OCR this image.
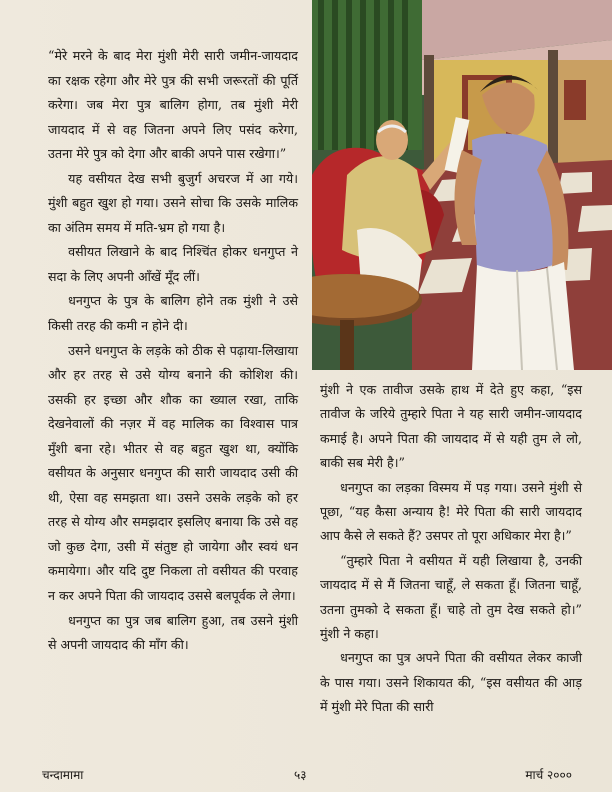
“मेरे मरने के बाद मेरा मुंशी मेरी सारी जमीन-जायदाद का रक्षक रहेगा और मेरे पुत्र की सभी जरूरतों की पूर्ति करेगा। जब मेरा पुत्र बालिग होगा, तब मुंशी मेरी जायदाद में से वह जितना अपने लिए पसंद करेगा, उतना मेरे पुत्र को देगा और बाकी अपने पास रखेगा।”

यह वसीयत देख सभी बुजुर्ग अचरज में आ गये। मुंशी बहुत खुश हो गया। उसने सोचा कि उसके मालिक का अंतिम समय में मति-भ्रम हो गया है।

वसीयत लिखाने के बाद निश्चिंत होकर धनगुप्त ने सदा के लिए अपनी आँखें मूँद लीं।

धनगुप्त के पुत्र के बालिग होने तक मुंशी ने उसे किसी तरह की कमी न होने दी।

उसने धनगुप्त के लड़के को ठीक से पढ़ाया-लिखाया और हर तरह से उसे योग्य बनाने की कोशिश की। उसकी हर इच्छा और शौक का ख्याल रखा, ताकि देखनेवालों की नज़र में वह मालिक का विश्वास पात्र मुँशी बना रहे। भीतर से वह बहुत खुश था, क्योंकि वसीयत के अनुसार धनगुप्त की सारी जायदाद उसी की थी, ऐसा वह समझता था। उसने उसके लड़के को हर तरह से योग्य और समझदार इसलिए बनाया कि उसे वह जो कुछ देगा, उसी में संतुष्ट हो जायेगा और स्वयं धन कमायेगा। और यदि दुष्ट निकला तो वसीयत की परवाह न कर अपने पिता की जायदाद उससे बलपूर्वक ले लेगा।

धनगुप्त का पुत्र जब बालिग हुआ, तब उसने मुंशी से अपनी जायदाद की माँग की।

मुंशी ने एक तावीज उसके हाथ में देते हुए कहा, “इस तावीज के जरिये तुम्हारे पिता ने यह सारी जमीन-जायदाद कमाई है। अपने पिता की जायदाद में से यही तुम ले लो, बाकी सब मेरी है।”

धनगुप्त का लड़का विस्मय में पड़ गया। उसने मुंशी से पूछा, “यह कैसा अन्याय है! मेरे पिता की सारी जायदाद आप कैसे ले सकते हैं? उसपर तो पूरा अधिकार मेरा है।”

“तुम्हारे पिता ने वसीयत में यही लिखाया है, उनकी जायदाद में से मैं जितना चाहूँ, ले सकता हूँ। जितना चाहूँ, उतना तुमको दे सकता हूँ। चाहे तो तुम देख सकते हो।” मुंशी ने कहा।

धनगुप्त का पुत्र अपने पिता की वसीयत लेकर काजी के पास गया। उसने शिकायत की, “इस वसीयत की आड़ में मुंशी मेरे पिता की सारी

चन्दामामा	५३	मार्च २०००
